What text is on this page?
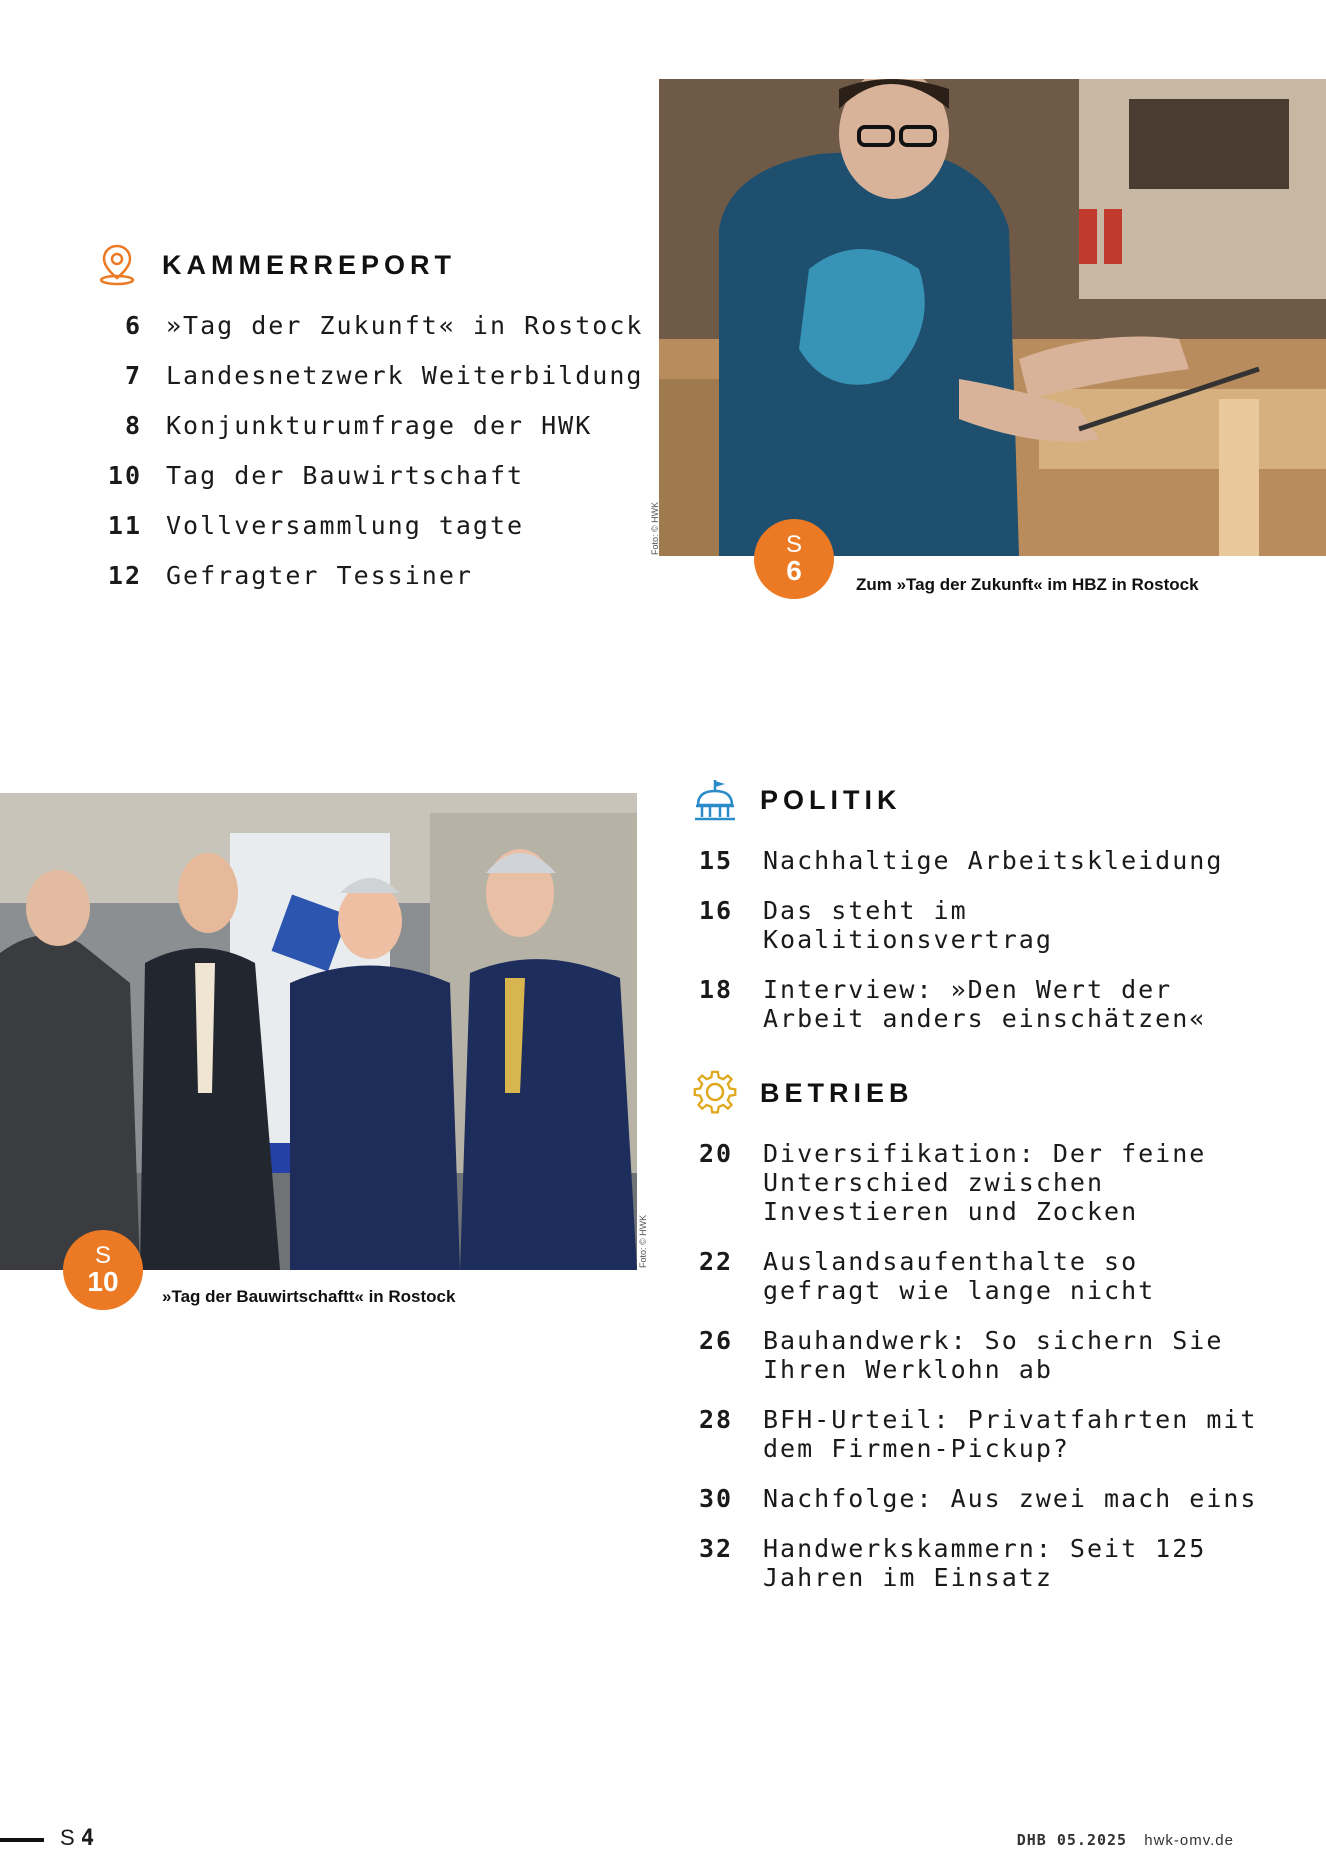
KAMMERREPORT
6 »Tag der Zukunft« in Rostock
7 Landesnetzwerk Weiterbildung
8 Konjunkturumfrage der HWK
10 Tag der Bauwirtschaft
11 Vollversammlung tagte
12 Gefragter Tessiner
Foto: © HWK	S
6	Zum »Tag der Zukunft« im HBZ in Rostock
POLITIK
15 Nachhaltige Arbeitskleidung
16 Das steht im Koalitionsvertrag
18 Interview: »Den Wert der Arbeit anders einschätzen«
BETRIEB
20 Diversifikation: Der feine Unterschied zwischen Investieren und Zocken
22 Auslandsaufenthalte so gefragt wie lange nicht
26 Bauhandwerk: So sichern Sie Ihren Werklohn ab
28 BFH-Urteil: Privatfahrten mit dem Firmen-Pickup?
30 Nachfolge: Aus zwei mach eins
32 Handwerkskammern: Seit 125 Jahren im Einsatz
Foto: © HWK
S
10	»Tag der Bauwirtschaftt« in Rostock
S 4	DHB 05.2025 hwk-omv.de
